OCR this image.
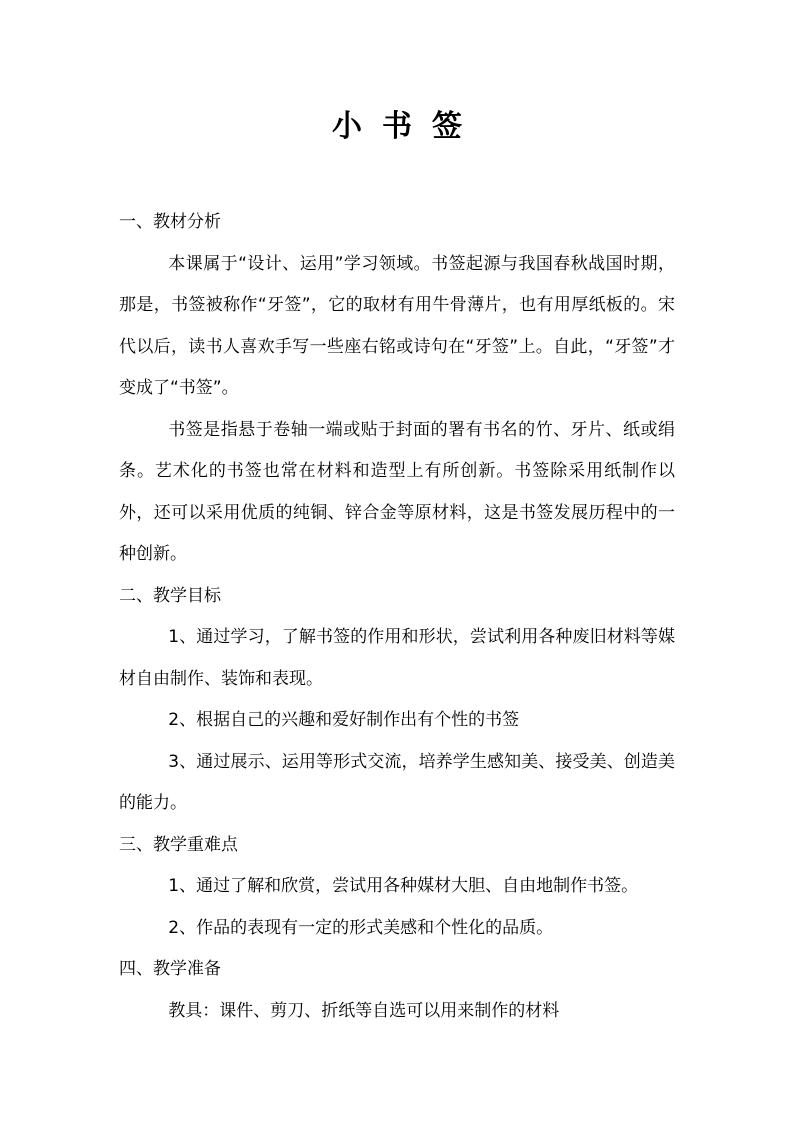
小书签
一、教材分析

本课属于“设计、运用”学习领域。书签起源与我国春秋战国时期，那是，书签被称作“牙签”，它的取材有用牛骨薄片，也有用厚纸板的。宋代以后，读书人喜欢手写一些座右铭或诗句在“牙签”上。自此，“牙签”才变成了“书签”。

书签是指悬于卷轴一端或贴于封面的署有书名的竹、牙片、纸或绢条。艺术化的书签也常在材料和造型上有所创新。书签除采用纸制作以外，还可以采用优质的纯铜、锌合金等原材料，这是书签发展历程中的一种创新。

二、教学目标

1、通过学习，了解书签的作用和形状，尝试利用各种废旧材料等媒材自由制作、装饰和表现。

2、根据自己的兴趣和爱好制作出有个性的书签

3、通过展示、运用等形式交流，培养学生感知美、接受美、创造美的能力。

三、教学重难点

1、通过了解和欣赏，尝试用各种媒材大胆、自由地制作书签。

2、作品的表现有一定的形式美感和个性化的品质。

四、教学准备

教具：课件、剪刀、折纸等自选可以用来制作的材料
